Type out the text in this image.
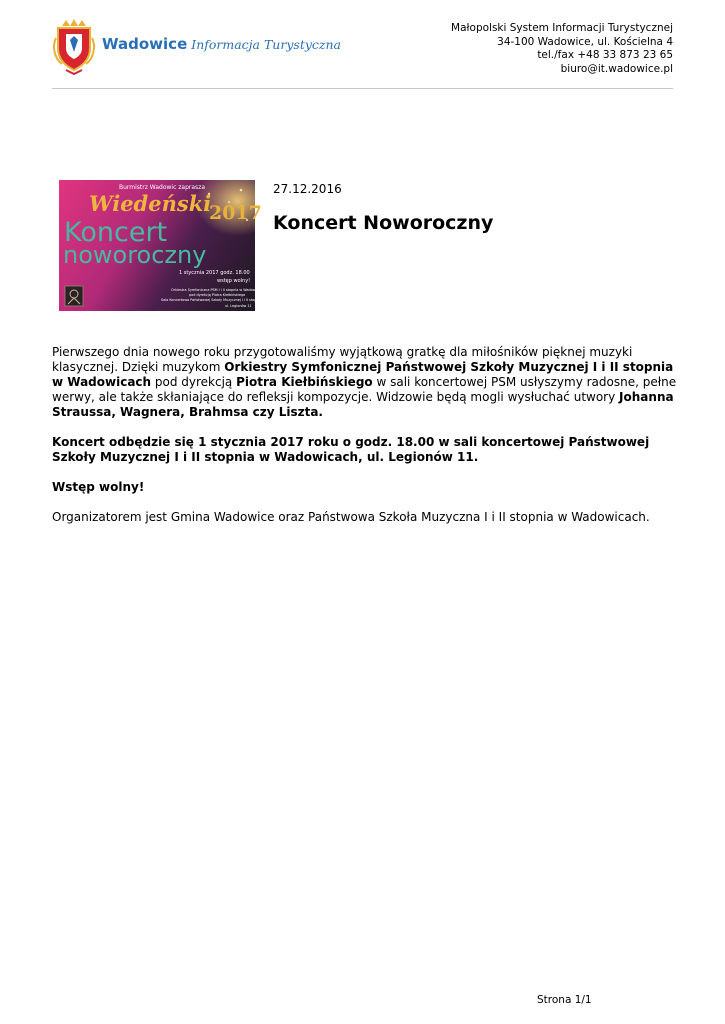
Wadowice Informacja Turystyczna
Małopolski System Informacji Turystycznej
34-100 Wadowice, ul. Kościelna 4
tel./fax +48 33 873 23 65
biuro@it.wadowice.pl
Burmistrz Wadowic zaprasza
Wiedeński
2017
Koncert
noworoczny
1 stycznia 2017 godz. 18.00
wstęp wolny!
Orkiestra Symfoniczna PSM I i II stopnia w Wadowicach
pod dyrekcją Piotra Kiełbińskiego
Sala Koncertowa Państwowej Szkoły Muzycznej I i II stopnia
ul. Legionów 11
27.12.2016
Koncert Noworoczny

Pierwszego dnia nowego roku przygotowaliśmy wyjątkową gratkę dla miłośników pięknej muzyki klasycznej. Dzięki muzykom Orkiestry Symfonicznej Państwowej Szkoły Muzycznej I i II stopnia w Wadowicach pod dyrekcją Piotra Kiełbińskiego w sali koncertowej PSM usłyszymy radosne, pełne werwy, ale także skłaniające do refleksji kompozycje. Widzowie będą mogli wysłuchać utwory Johanna Straussa, Wagnera, Brahmsa czy Liszta.

Koncert odbędzie się 1 stycznia 2017 roku o godz. 18.00 w sali koncertowej Państwowej Szkoły Muzycznej I i II stopnia w Wadowicach, ul. Legionów 11.

Wstęp wolny!

Organizatorem jest Gmina Wadowice oraz Państwowa Szkoła Muzyczna I i II stopnia w Wadowicach.

Strona 1/1
